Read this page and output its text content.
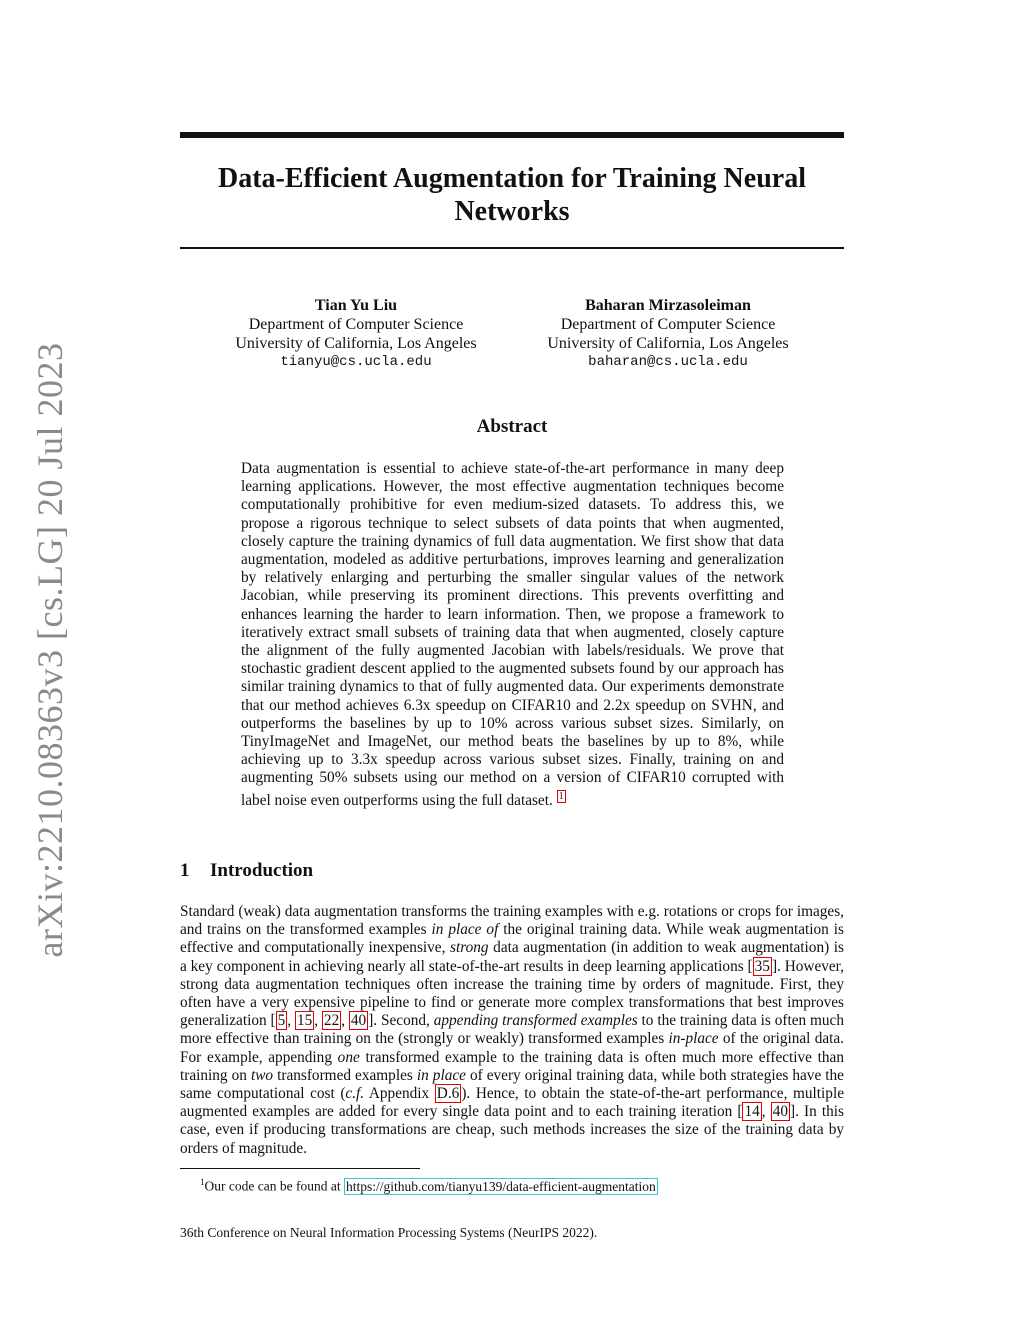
arXiv:2210.08363v3 [cs.LG] 20 Jul 2023
Data-Efficient Augmentation for Training Neural
Networks
Tian Yu Liu
Department of Computer Science
University of California, Los Angeles
tianyu@cs.ucla.edu
Baharan Mirzasoleiman
Department of Computer Science
University of California, Los Angeles
baharan@cs.ucla.edu
Abstract
Data augmentation is essential to achieve state-of-the-art performance in many deep learning applications. However, the most effective augmentation techniques become computationally prohibitive for even medium-sized datasets. To address this, we propose a rigorous technique to select subsets of data points that when augmented, closely capture the training dynamics of full data augmentation. We first show that data augmentation, modeled as additive perturbations, improves learning and generalization by relatively enlarging and perturbing the smaller singular values of the network Jacobian, while preserving its prominent directions. This prevents overfitting and enhances learning the harder to learn information. Then, we propose a framework to iteratively extract small subsets of training data that when augmented, closely capture the alignment of the fully augmented Jacobian with labels/residuals. We prove that stochastic gradient descent applied to the augmented subsets found by our approach has similar training dynamics to that of fully augmented data. Our experiments demonstrate that our method achieves 6.3x speedup on CIFAR10 and 2.2x speedup on SVHN, and outperforms the baselines by up to 10% across various subset sizes. Similarly, on TinyImageNet and ImageNet, our method beats the baselines by up to 8%, while achieving up to 3.3x speedup across various subset sizes. Finally, training on and augmenting 50% subsets using our method on a version of CIFAR10 corrupted with label noise even outperforms using the full dataset. $^1$
1 Introduction
Standard (weak) data augmentation transforms the training examples with e.g. rotations or crops for images, and trains on the transformed examples in place of the original training data. While weak augmentation is effective and computationally inexpensive, strong data augmentation (in addition to weak augmentation) is a key component in achieving nearly all state-of-the-art results in deep learning applications [ 35 ]. However, strong data augmentation techniques often increase the training time by orders of magnitude. First, they often have a very expensive pipeline to find or generate more complex transformations that best improves generalization [ 5 , 15 , 22 , 40 ]. Second, appending transformed examples to the training data is often much more effective than training on the (strongly or weakly) transformed examples in-place of the original data. For example, appending one transformed example to the training data is often much more effective than training on two transformed examples in place of every original training data, while both strategies have the same computational cost (c.f. Appendix D.6 ). Hence, to obtain the state-of-the-art performance, multiple augmented examples are added for every single data point and to each training iteration [ 14 , 40 ]. In this case, even if producing transformations are cheap, such methods increases the size of the training data by orders of magnitude.
$^1$Our code can be found at https://github.com/tianyu139/data-efficient-augmentation
36th Conference on Neural Information Processing Systems (NeurIPS 2022).
